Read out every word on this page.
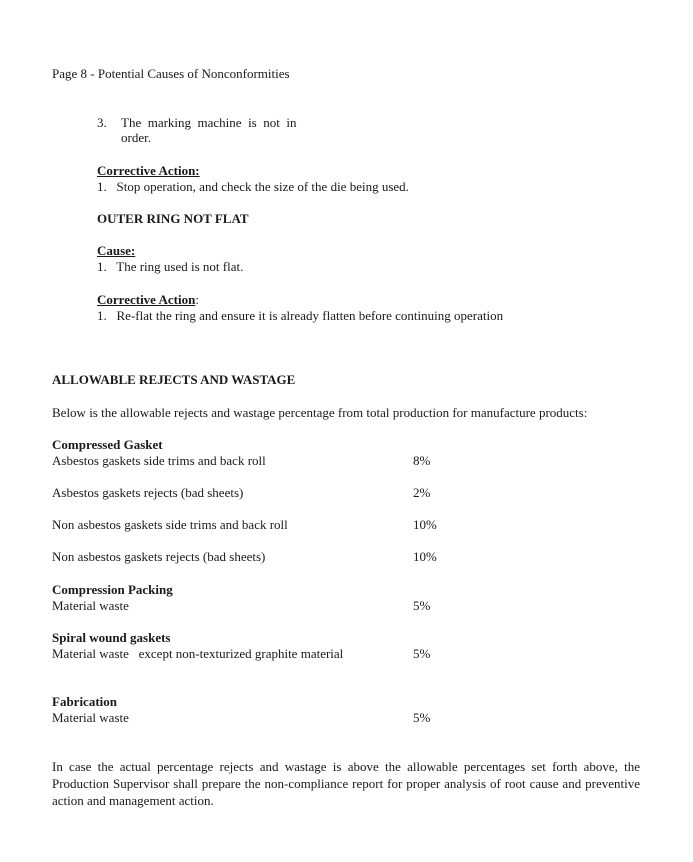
Page 8 - Potential Causes of Nonconformities
3. The  marking  machine  is  not  in
order.
Corrective Action:
1.   Stop operation, and check the size of the die being used.
OUTER RING NOT FLAT
Cause:
1.   The ring used is not flat.
Corrective Action:
1.   Re-flat the ring and ensure it is already flatten before continuing operation
ALLOWABLE REJECTS AND WASTAGE
Below is the allowable rejects and wastage percentage from total production for manufacture products:
Compressed Gasket
Asbestos gaskets side trims and back roll	8%
Asbestos gaskets rejects (bad sheets)	2%
Non asbestos gaskets side trims and back roll	10%
Non asbestos gaskets rejects (bad sheets)	10%
Compression Packing
Material waste	5%
Spiral wound gaskets
Material waste   except non-texturized graphite material	5%
Fabrication
Material waste	5%
In case the actual percentage rejects and wastage is above the allowable percentages set forth above, the Production Supervisor shall prepare the non-compliance report for proper analysis of root cause and preventive action and management action.
